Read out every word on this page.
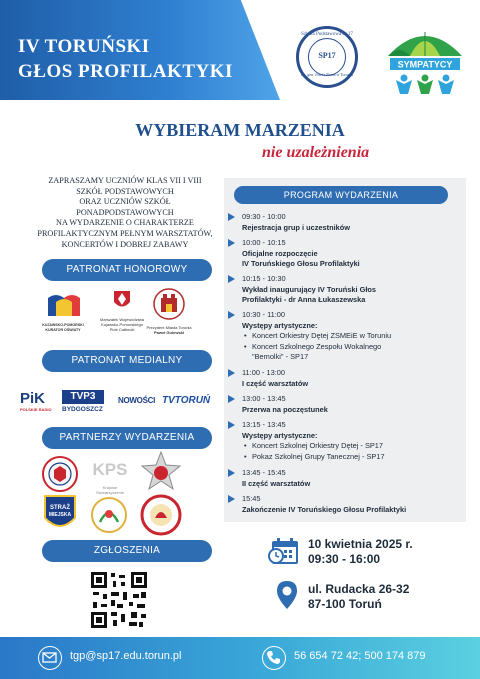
IV TORUŃSKI
GŁOS PROFILAKTYKI
Szkoła Podstawowa nr 17
SP17
im. gen. Józefa Bema w Toruniu
SYMPATYCY
WYBIERAM MARZENIA
nie uzależnienia
ZAPRASZAMY UCZNIÓW KLAS VII I VIII
SZKÓŁ PODSTAWOWYCH
ORAZ UCZNIÓW SZKÓŁ PONADPODSTAWOWYCH
NA WYDARZENIE O CHARAKTERZE
PROFILAKTYCZNYM PEŁNYM WARSZTATÓW,
KONCERTÓW I DOBREJ ZABAWY
PATRONAT HONOROWY
KUJAWSKO-POMORSKI KURATOR OŚWIATY
Marszałek Województwa
Kujawsko-Pomorskiego
Piotr Całbecki	Prezydent Miasta Torunia
Paweł Gulewski
PATRONAT MEDIALNY
PiK
POLSKIE RADIO
TVP3
BYDGOSZCZ
NOWOŚCI TVTORUŃ
PARTNERZY WYDARZENIA
KPS
Krajowe Stowarzyszenie
STRAŻ
MIEJSKA
ZGŁOSZENIA
PROGRAM WYDARZENIA
09:30 - 10:00
Rejestracja grup i uczestników
10:00 - 10:15
Oficjalne rozpoczęcie
IV Toruńskiego Głosu Profilaktyki
10:15 - 10:30
Wykład inaugurujący IV Toruński Głos
Profilaktyki - dr Anna Łukaszewska
10:30 - 11:00
Występy artystyczne:
• Koncert Orkiestry Dętej ZSMEiE w Toruniu
• Koncert Szkolnego Zespołu Wokalnego
"Bemolki" - SP17
11:00 - 13:00
I część warsztatów
13:00 - 13:45
Przerwa na poczęstunek
13:15 - 13:45
Występy artystyczne:
• Koncert Szkolnej Orkiestry Dętej - SP17
• Pokaz Szkolnej Grupy Tanecznej - SP17
13:45 - 15:45
II część warsztatów
15:45
Zakończenie IV Toruńskiego Głosu Profilaktyki
10 kwietnia 2025 r.
09:30 - 16:00
ul. Rudacka 26-32
87-100 Toruń
tgp@sp17.edu.torun.pl	56 654 72 42; 500 174 879
